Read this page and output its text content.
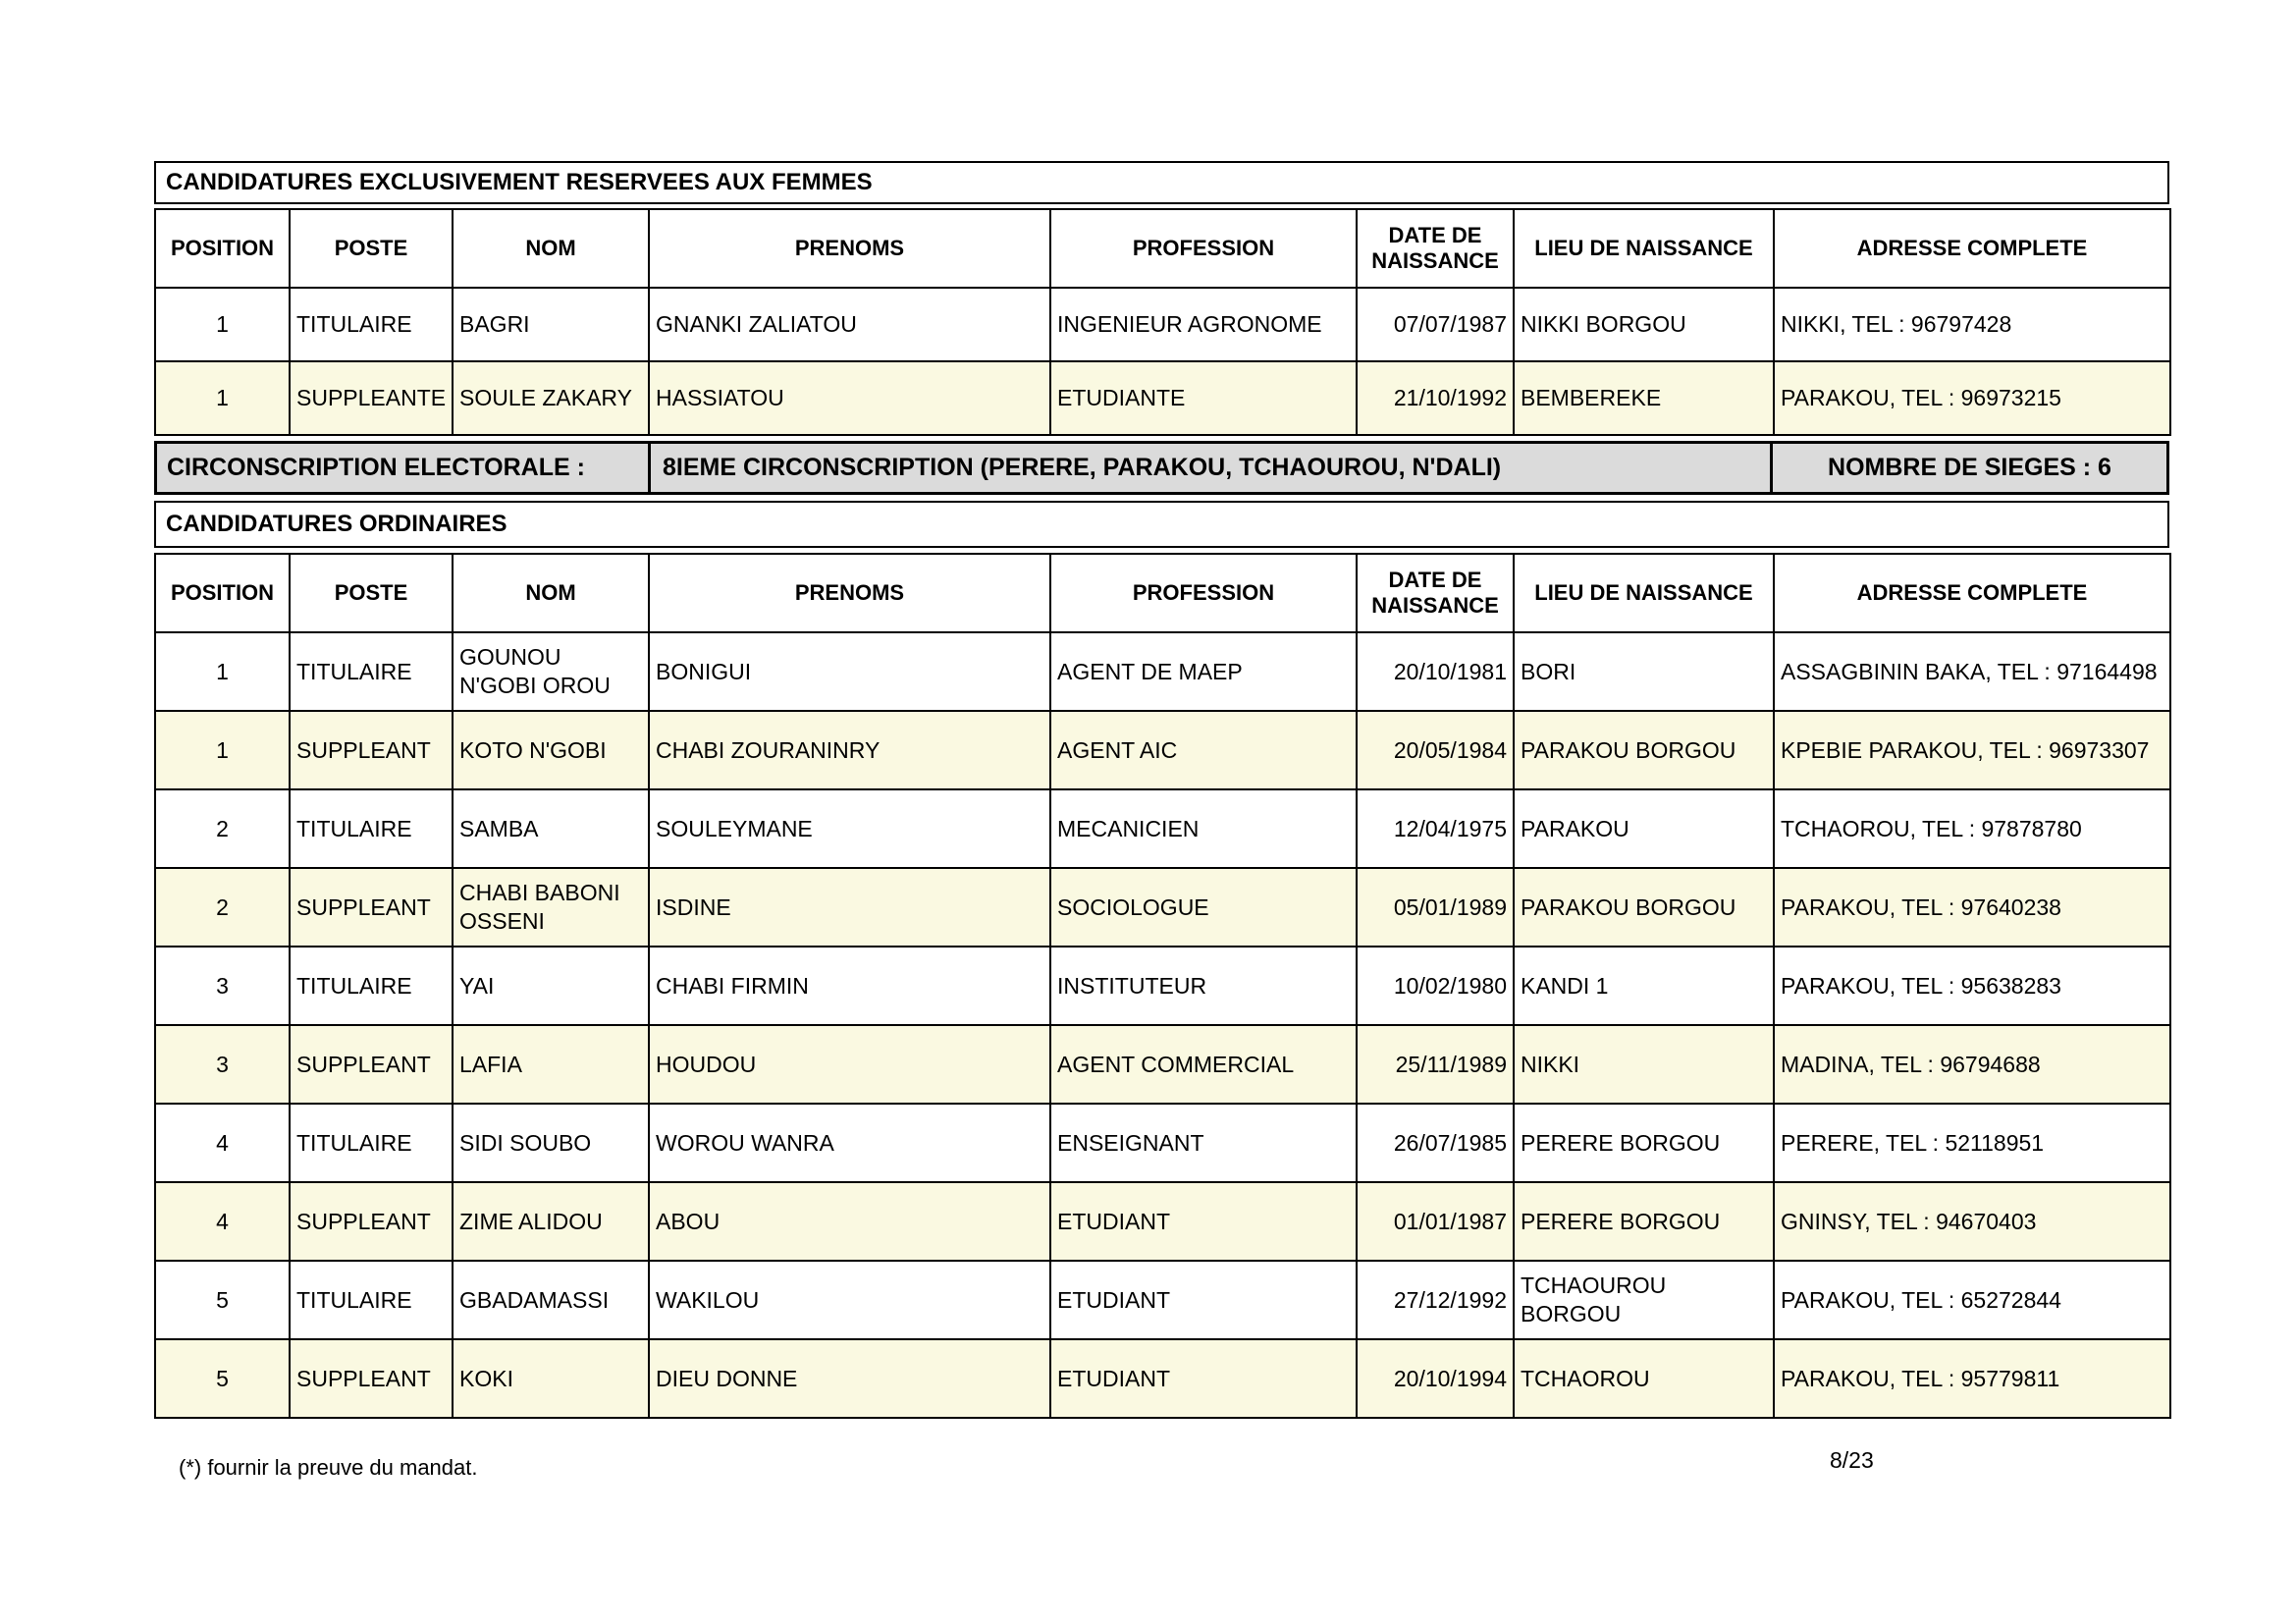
CANDIDATURES EXCLUSIVEMENT RESERVEES AUX FEMMES
POSITION	POSTE	NOM	PRENOMS	PROFESSION	DATE DE NAISSANCE	LIEU DE NAISSANCE	ADRESSE COMPLETE
1	TITULAIRE	BAGRI	GNANKI ZALIATOU	INGENIEUR AGRONOME	07/07/1987	NIKKI BORGOU	NIKKI, TEL : 96797428
1	SUPPLEANTE	SOULE ZAKARY	HASSIATOU	ETUDIANTE	21/10/1992	BEMBEREKE	PARAKOU, TEL : 96973215
CIRCONSCRIPTION ELECTORALE :	8IEME CIRCONSCRIPTION (PERERE, PARAKOU, TCHAOUROU, N'DALI)	NOMBRE DE SIEGES : 6
CANDIDATURES ORDINAIRES
POSITION	POSTE	NOM	PRENOMS	PROFESSION	DATE DE NAISSANCE	LIEU DE NAISSANCE	ADRESSE COMPLETE
1	TITULAIRE	GOUNOU N'GOBI OROU	BONIGUI	AGENT DE MAEP	20/10/1981	BORI	ASSAGBININ BAKA, TEL : 97164498
1	SUPPLEANT	KOTO N'GOBI	CHABI ZOURANINRY	AGENT AIC	20/05/1984	PARAKOU BORGOU	KPEBIE PARAKOU, TEL : 96973307
2	TITULAIRE	SAMBA	SOULEYMANE	MECANICIEN	12/04/1975	PARAKOU	TCHAOROU, TEL : 97878780
2	SUPPLEANT	CHABI BABONI OSSENI	ISDINE	SOCIOLOGUE	05/01/1989	PARAKOU BORGOU	PARAKOU, TEL : 97640238
3	TITULAIRE	YAI	CHABI FIRMIN	INSTITUTEUR	10/02/1980	KANDI 1	PARAKOU, TEL : 95638283
3	SUPPLEANT	LAFIA	HOUDOU	AGENT COMMERCIAL	25/11/1989	NIKKI	MADINA, TEL : 96794688
4	TITULAIRE	SIDI SOUBO	WOROU WANRA	ENSEIGNANT	26/07/1985	PERERE BORGOU	PERERE, TEL : 52118951
4	SUPPLEANT	ZIME ALIDOU	ABOU	ETUDIANT	01/01/1987	PERERE BORGOU	GNINSY, TEL : 94670403
5	TITULAIRE	GBADAMASSI	WAKILOU	ETUDIANT	27/12/1992	TCHAOUROU BORGOU	PARAKOU, TEL : 65272844
5	SUPPLEANT	KOKI	DIEU DONNE	ETUDIANT	20/10/1994	TCHAOROU	PARAKOU, TEL : 95779811
(*) fournir la preuve du mandat.	8/23
